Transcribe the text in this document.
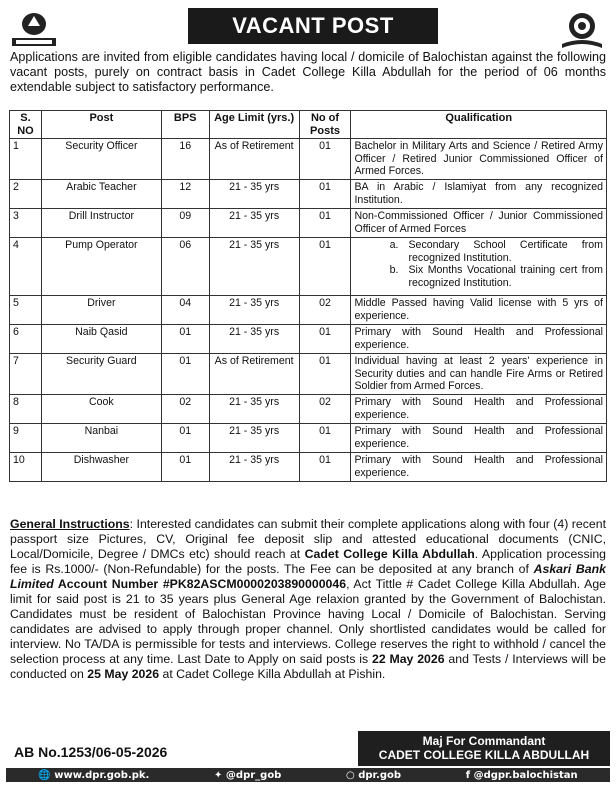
VACANT POST
Applications are invited from eligible candidates having local / domicile of Balochistan against the following vacant posts, purely on contract basis in Cadet College Killa Abdullah for the period of 06 months extendable subject to satisfactory performance.
S. NO	Post	BPS	Age Limit (yrs.)	No of Posts	Qualification
1	Security Officer	16	As of Retirement	01	Bachelor in Military Arts and Science / Retired Army Officer / Retired Junior Commissioned Officer of Armed Forces.
2	Arabic Teacher	12	21 - 35 yrs	01	BA in Arabic / Islamiyat from any recognized Institution.
3	Drill Instructor	09	21 - 35 yrs	01	Non-Commissioned Officer / Junior Commissioned Officer of Armed Forces
4	Pump Operator	06	21 - 35 yrs	01	a. Secondary School Certificate from recognized Institution.
b. Six Months Vocational training cert from recognized Institution.

5	Driver	04	21 - 35 yrs	02	Middle Passed having Valid license with 5 yrs of experience.
6	Naib Qasid	01	21 - 35 yrs	01	Primary with Sound Health and Professional experience.
7	Security Guard	01	As of Retirement	01	Individual having at least 2 years' experience in Security duties and can handle Fire Arms or Retired Soldier from Armed Forces.
8	Cook	02	21 - 35 yrs	02	Primary with Sound Health and Professional experience.
9	Nanbai	01	21 - 35 yrs	01	Primary with Sound Health and Professional experience.
10	Dishwasher	01	21 - 35 yrs	01	Primary with Sound Health and Professional experience.
General Instructions: Interested candidates can submit their complete applications along with four (4) recent passport size Pictures, CV, Original fee deposit slip and attested educational documents (CNIC, Local/Domicile, Degree / DMCs etc) should reach at Cadet College Killa Abdullah. Application processing fee is Rs.1000/- (Non-Refundable) for the posts. The Fee can be deposited at any branch of Askari Bank Limited Account Number #PK82ASCM0000203890000046, Act Tittle # Cadet College Killa Abdullah. Age limit for said post is 21 to 35 years plus General Age relaxion granted by the Government of Balochistan. Candidates must be resident of Balochistan Province having Local / Domicile of Balochistan. Serving candidates are advised to apply through proper channel. Only shortlisted candidates would be called for interview. No TA/DA is permissible for tests and interviews. College reserves the right to withhold / cancel the selection process at any time. Last Date to Apply on said posts is 22 May 2026 and Tests / Interviews will be conducted on 25 May 2026 at Cadet College Killa Abdullah at Pishin.
AB No.1253/06-05-2026
Maj For Commandant
CADET COLLEGE KILLA ABDULLAH
🌐 www.dpr.gob.pk.	✦ @dpr_gob	○ dpr.gob	f @dgpr.balochistan
